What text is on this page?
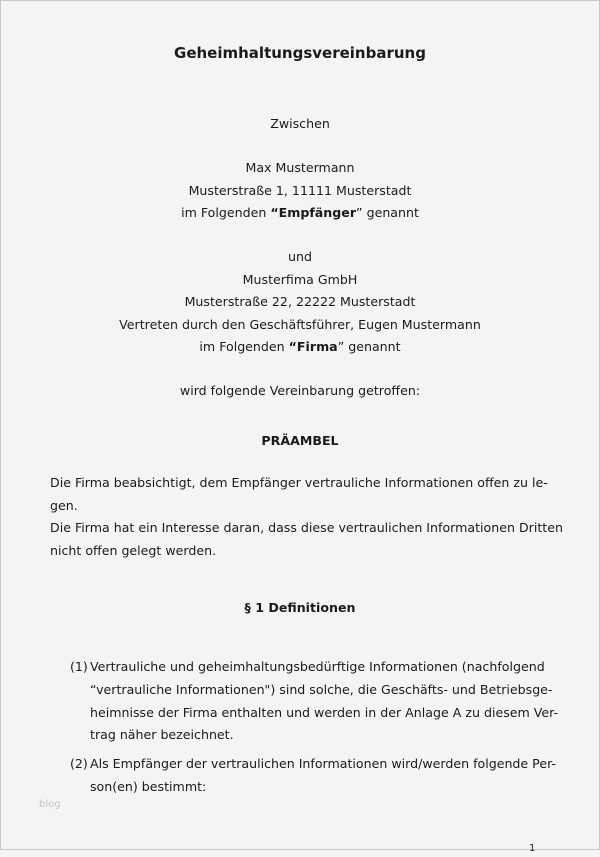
Geheimhaltungsvereinbarung
Zwischen
Max Mustermann
Musterstraße 1, 11111 Musterstadt
im Folgenden “Empfänger” genannt
und
Musterfima GmbH
Musterstraße 22, 22222 Musterstadt
Vertreten durch den Geschäftsführer, Eugen Mustermann
im Folgenden “Firma” genannt
wird folgende Vereinbarung getroffen:
PRÄAMBEL
Die Firma beabsichtigt, dem Empfänger vertrauliche Informationen offen zu le-
gen.
Die Firma hat ein Interesse daran, dass diese vertraulichen Informationen Dritten
nicht offen gelegt werden.
§ 1 Definitionen
(1) Vertrauliche und geheimhaltungsbedürftige Informationen (nachfolgend
“vertrauliche Informationen") sind solche, die Geschäfts- und Betriebsge-
heimnisse der Firma enthalten und werden in der Anlage A zu diesem Ver-
trag näher bezeichnet.
(2) Als Empfänger der vertraulichen Informationen wird/werden folgende Per-
son(en) bestimmt:
blog
1
